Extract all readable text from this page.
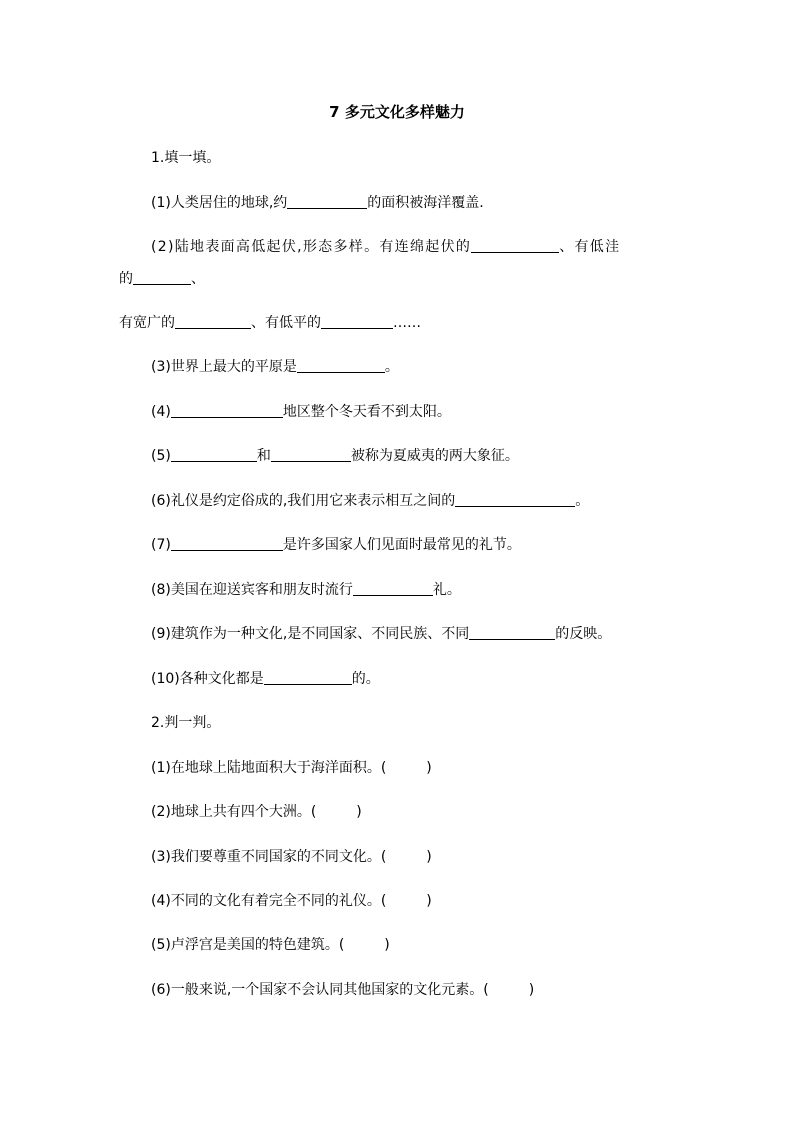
7 多元文化多样魅力
1.填一填。
(1)人类居住的地球,约	的面积被海洋覆盖.
(2)陆地表面高低起伏,形态多样。有连绵起伏的	、有低洼
的	、
有宽广的	、有低平的	……
(3)世界上最大的平原是	。
(4)	地区整个冬天看不到太阳。
(5)	和	被称为夏威夷的两大象征。
(6)礼仪是约定俗成的,我们用它来表示相互之间的	。
(7)	是许多国家人们见面时最常见的礼节。
(8)美国在迎送宾客和朋友时流行	礼。
(9)建筑作为一种文化,是不同国家、不同民族、不同	的反映。
(10)各种文化都是	的。
2.判一判。
(1)在地球上陆地面积大于海洋面积。(	)
(2)地球上共有四个大洲。(	)
(3)我们要尊重不同国家的不同文化。(	)
(4)不同的文化有着完全不同的礼仪。(	)
(5)卢浮宫是美国的特色建筑。(	)
(6)一般来说,一个国家不会认同其他国家的文化元素。(	)
